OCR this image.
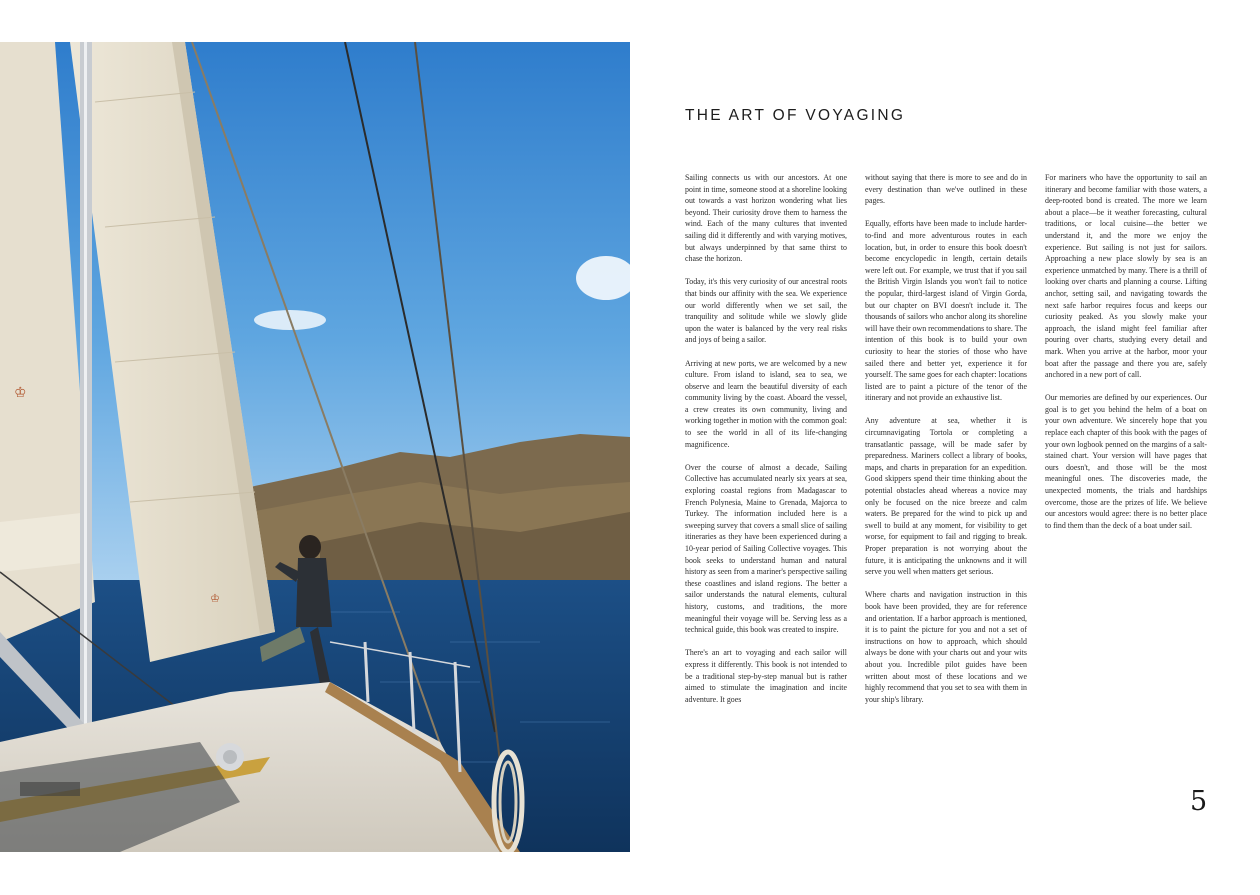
♔
♔
THE ART OF VOYAGING

Sailing connects us with our ancestors. At one point in time, someone stood at a shoreline looking out towards a vast horizon wondering what lies beyond. Their curiosity drove them to harness the wind. Each of the many cultures that invented sailing did it differently and with varying motives, but always underpinned by that same thirst to chase the horizon.

Today, it's this very curiosity of our ancestral roots that binds our affinity with the sea. We experience our world differently when we set sail, the tranquility and solitude while we slowly glide upon the water is balanced by the very real risks and joys of being a sailor.

Arriving at new ports, we are welcomed by a new culture. From island to island, sea to sea, we observe and learn the beautiful diversity of each community living by the coast. Aboard the vessel, a crew creates its own community, living and working together in motion with the common goal: to see the world in all of its life-changing magnificence.

Over the course of almost a decade, Sailing Collective has accumulated nearly six years at sea, exploring coastal regions from Madagascar to French Polynesia, Maine to Grenada, Majorca to Turkey. The information included here is a sweeping survey that covers a small slice of sailing itineraries as they have been experienced during a 10-year period of Sailing Collective voyages. This book seeks to understand human and natural history as seen from a mariner's perspective sailing these coastlines and island regions. The better a sailor understands the natural elements, cultural history, customs, and traditions, the more meaningful their voyage will be. Serving less as a technical guide, this book was created to inspire.

There's an art to voyaging and each sailor will express it differently. This book is not intended to be a traditional step-by-step manual but is rather aimed to stimulate the imagination and incite adventure. It goes

without saying that there is more to see and do in every destination than we've outlined in these pages.

Equally, efforts have been made to include harder-to-find and more adventurous routes in each location, but, in order to ensure this book doesn't become encyclopedic in length, certain details were left out. For example, we trust that if you sail the British Virgin Islands you won't fail to notice the popular, third-largest island of Virgin Gorda, but our chapter on BVI doesn't include it. The thousands of sailors who anchor along its shoreline will have their own recommendations to share. The intention of this book is to build your own curiosity to hear the stories of those who have sailed there and better yet, experience it for yourself. The same goes for each chapter: locations listed are to paint a picture of the tenor of the itinerary and not provide an exhaustive list.

Any adventure at sea, whether it is circumnavigating Tortola or completing a transatlantic passage, will be made safer by preparedness. Mariners collect a library of books, maps, and charts in preparation for an expedition. Good skippers spend their time thinking about the potential obstacles ahead whereas a novice may only be focused on the nice breeze and calm waters. Be prepared for the wind to pick up and swell to build at any moment, for visibility to get worse, for equipment to fail and rigging to break. Proper preparation is not worrying about the future, it is anticipating the unknowns and it will serve you well when matters get serious.

Where charts and navigation instruction in this book have been provided, they are for reference and orientation. If a harbor approach is mentioned, it is to paint the picture for you and not a set of instructions on how to approach, which should always be done with your charts out and your wits about you. Incredible pilot guides have been written about most of these locations and we highly recommend that you set to sea with them in your ship's library.

For mariners who have the opportunity to sail an itinerary and become familiar with those waters, a deep-rooted bond is created. The more we learn about a place—be it weather forecasting, cultural traditions, or local cuisine—the better we understand it, and the more we enjoy the experience. But sailing is not just for sailors. Approaching a new place slowly by sea is an experience unmatched by many. There is a thrill of looking over charts and planning a course. Lifting anchor, setting sail, and navigating towards the next safe harbor requires focus and keeps our curiosity peaked. As you slowly make your approach, the island might feel familiar after pouring over charts, studying every detail and mark. When you arrive at the harbor, moor your boat after the passage and there you are, safely anchored in a new port of call.

Our memories are defined by our experiences. Our goal is to get you behind the helm of a boat on your own adventure. We sincerely hope that you replace each chapter of this book with the pages of your own logbook penned on the margins of a salt-stained chart. Your version will have pages that ours doesn't, and those will be the most meaningful ones. The discoveries made, the unexpected moments, the trials and hardships overcome, those are the prizes of life. We believe our ancestors would agree: there is no better place to find them than the deck of a boat under sail.

5
